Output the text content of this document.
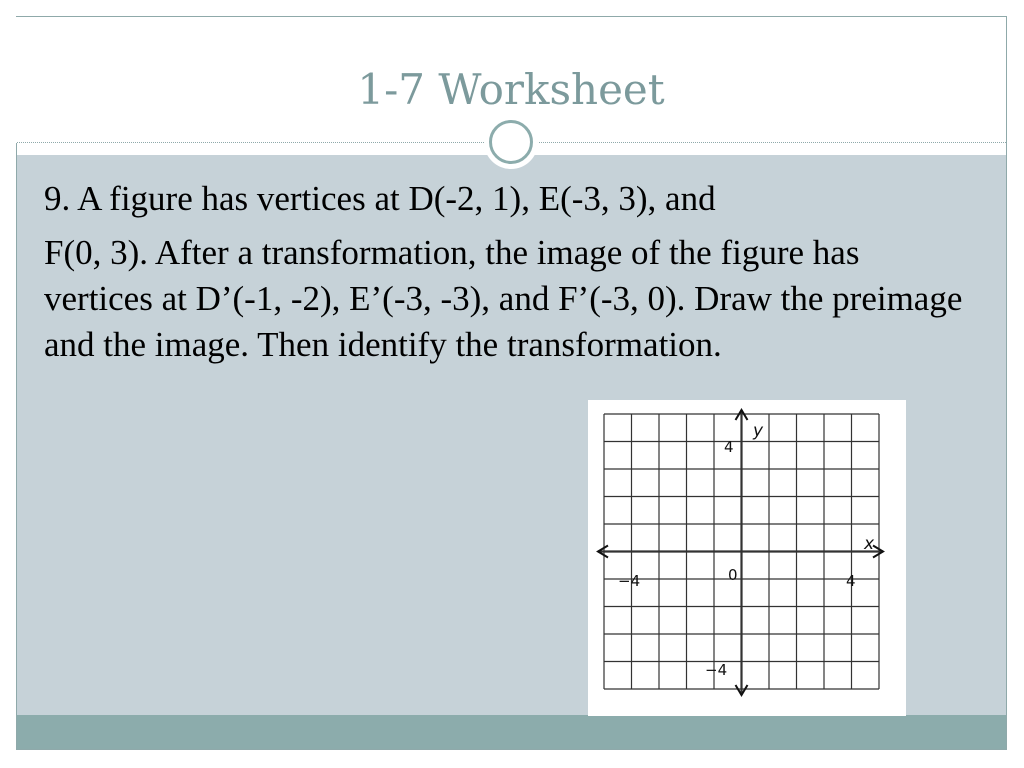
1-7 Worksheet

9. A figure has vertices at D(-2, 1), E(-3, 3), and

F(0, 3). After a transformation, the image of the figure has vertices at D’(-1, -2), E’(-3, -3), and F’(-3, 0). Draw the preimage and the image. Then identify the transformation.

y
x
0
−4	4
4
−4
